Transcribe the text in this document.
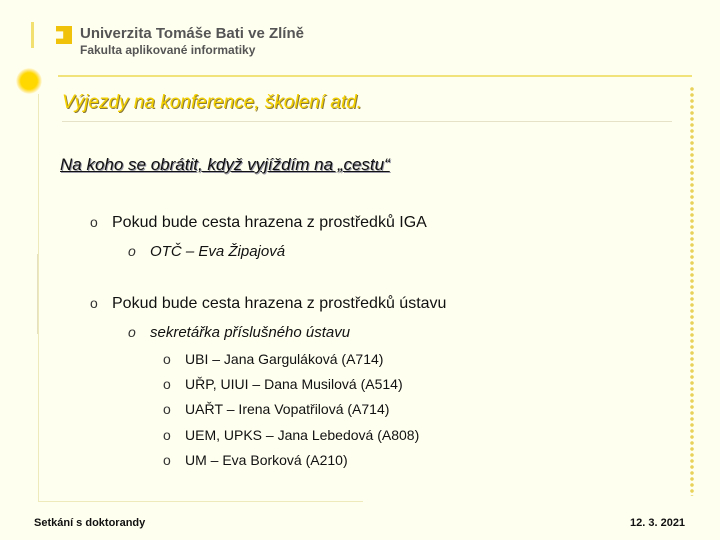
Univerzita Tomáše Bati ve Zlíně
Fakulta aplikované informatiky
Výjezdy na konference, školení atd.
Na koho se obrátit, když vyjíždím na „cestu“
o Pokud bude cesta hrazena z prostředků IGA
o OTČ – Eva Žipajová
o Pokud bude cesta hrazena z prostředků ústavu
o sekretářka příslušného ústavu
o UBI – Jana Garguláková (A714)
o UŘP, UIUI – Dana Musilová (A514)
o UAŘT – Irena Vopatřilová (A714)
o UEM, UPKS – Jana Lebedová (A808)
o UM – Eva Borková (A210)
Setkání s doktorandy	12. 3. 2021
